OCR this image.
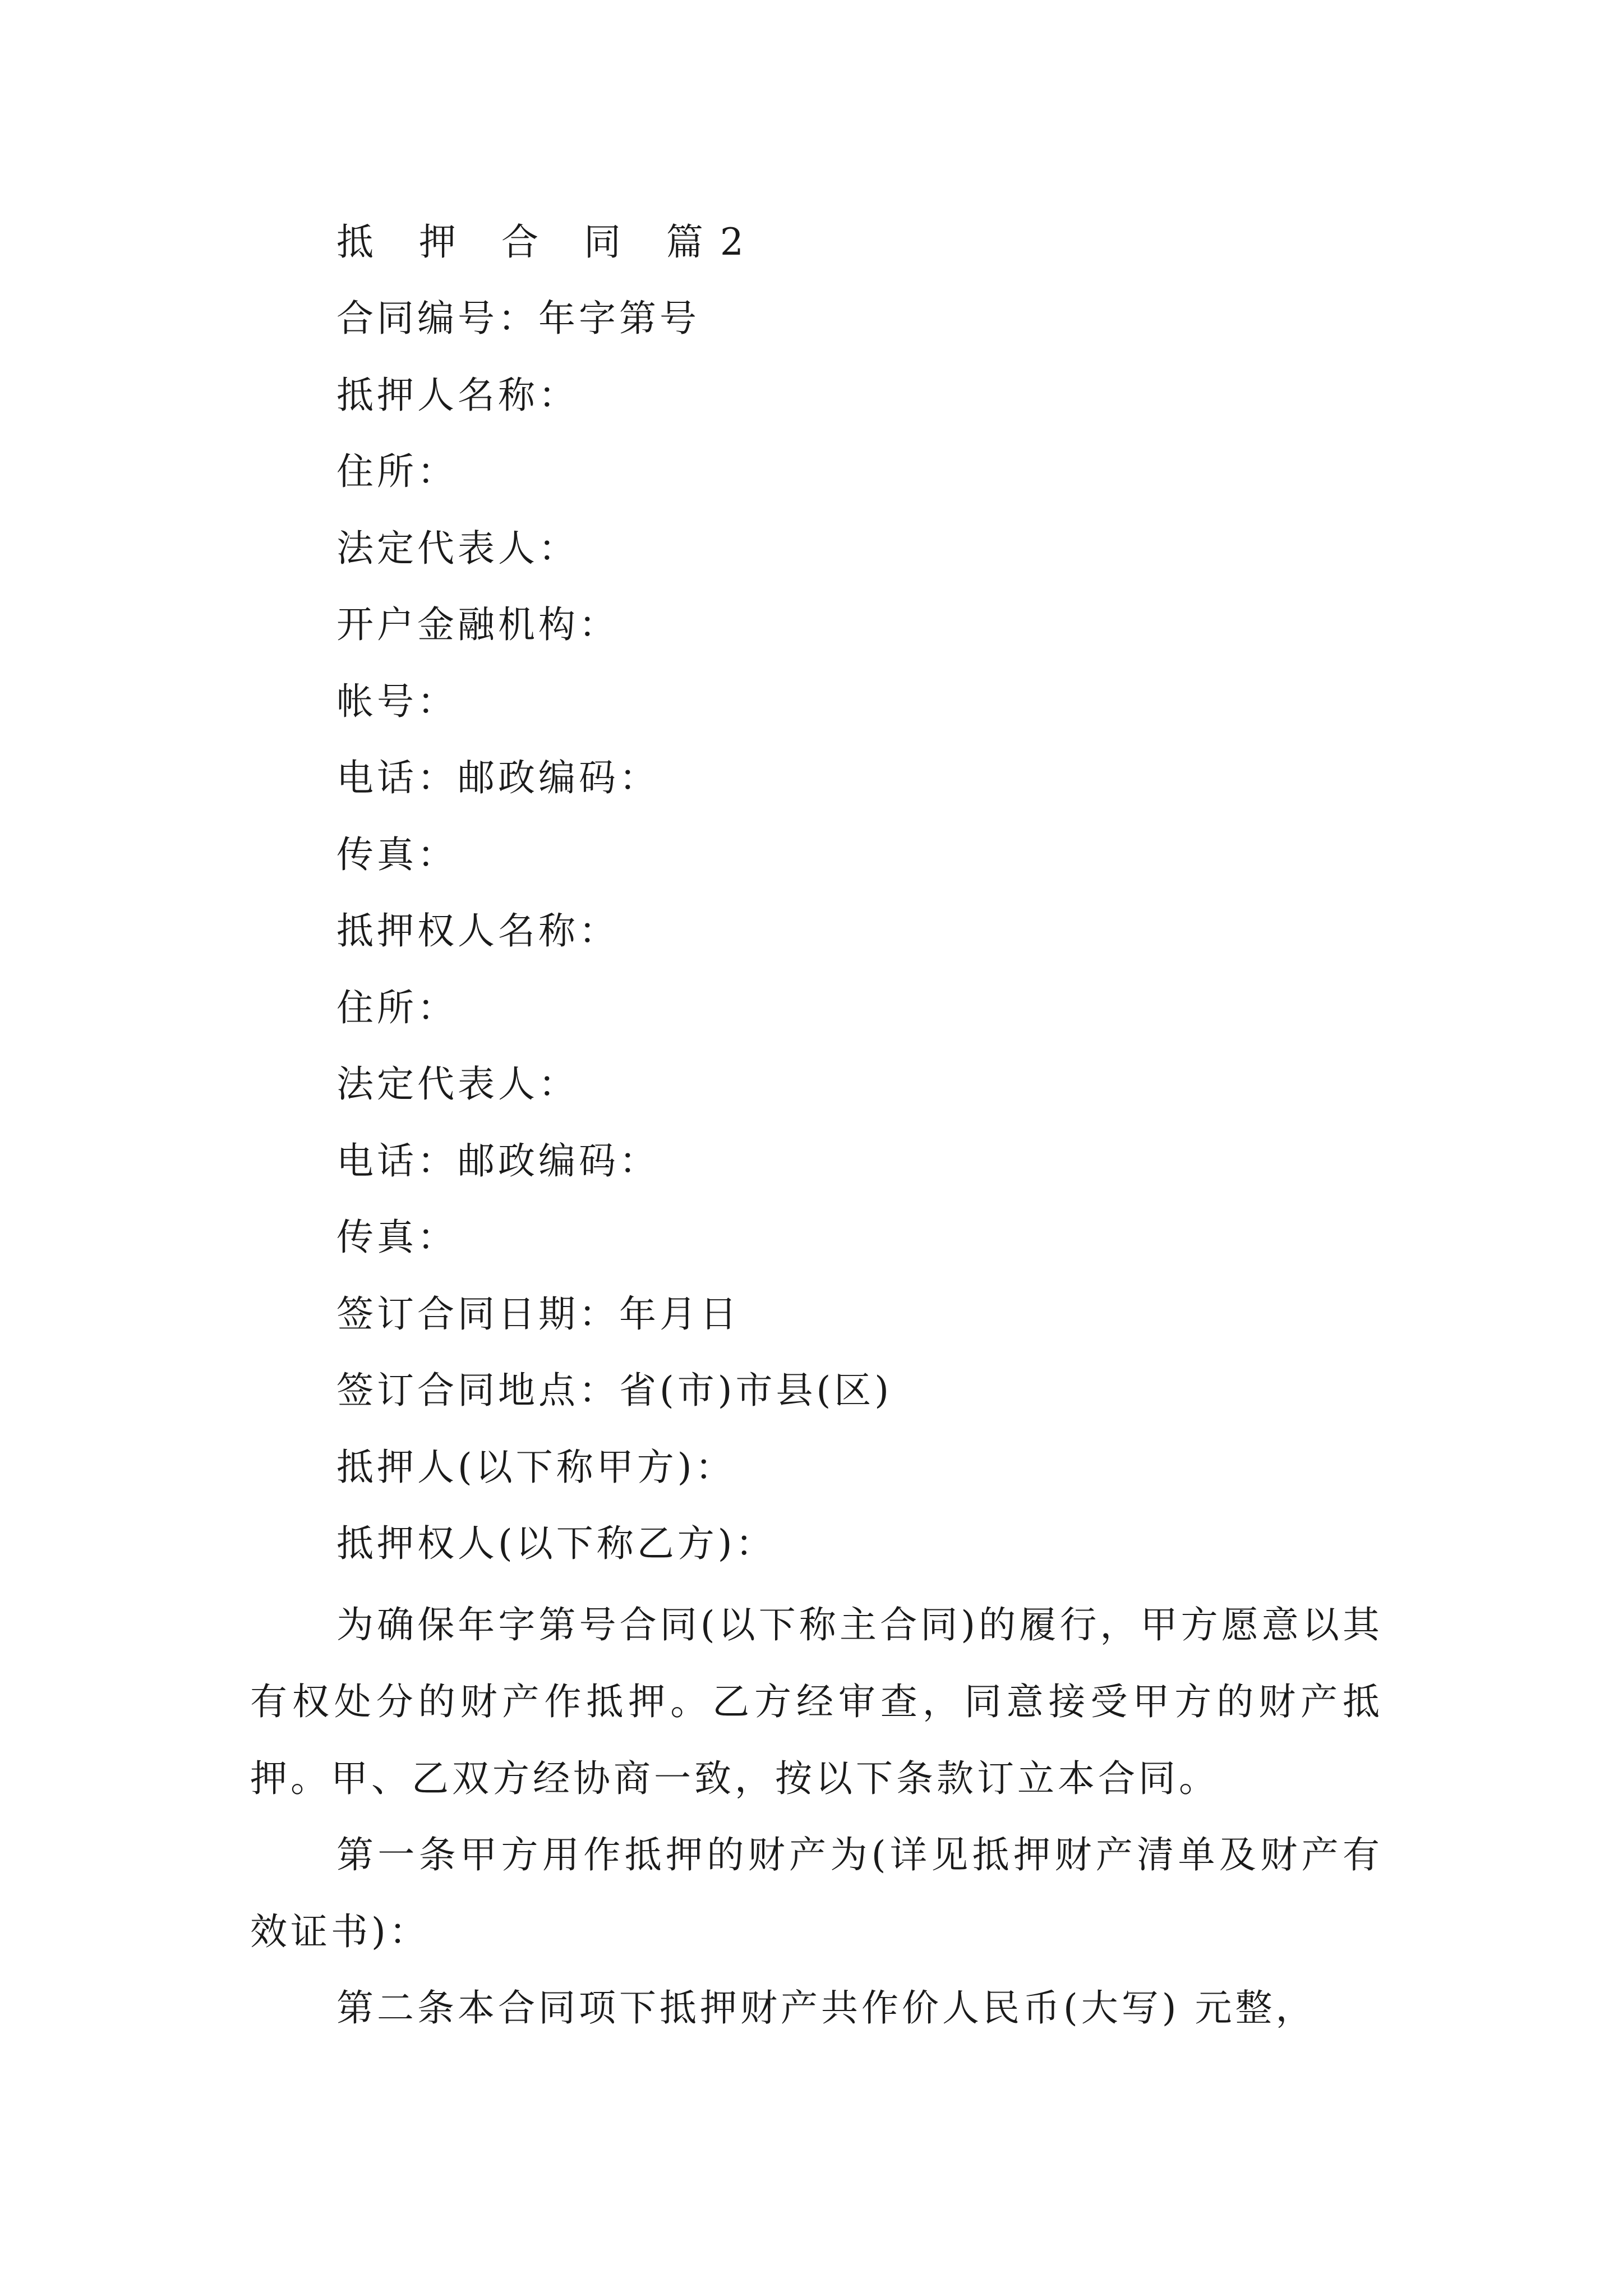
抵 押 合 同 篇2
合同编号：年字第号
抵押人名称：
住所：
法定代表人：
开户金融机构：
帐号：
电话：邮政编码：
传真：
抵押权人名称：
住所：
法定代表人：
电话：邮政编码：
传真：
签订合同日期：年月日
签订合同地点：省(市)市县(区)
抵押人(以下称甲方)：
抵押权人(以下称乙方)：
为确保年字第号合同(以下称主合同)的履行，甲方愿意以其有权处分的财产作抵押。乙方经审查，同意接受甲方的财产抵押。甲、乙双方经协商一致，按以下条款订立本合同。
第一条甲方用作抵押的财产为(详见抵押财产清单及财产有效证书)：
第二条本合同项下抵押财产共作价人民币(大写) 元整，
